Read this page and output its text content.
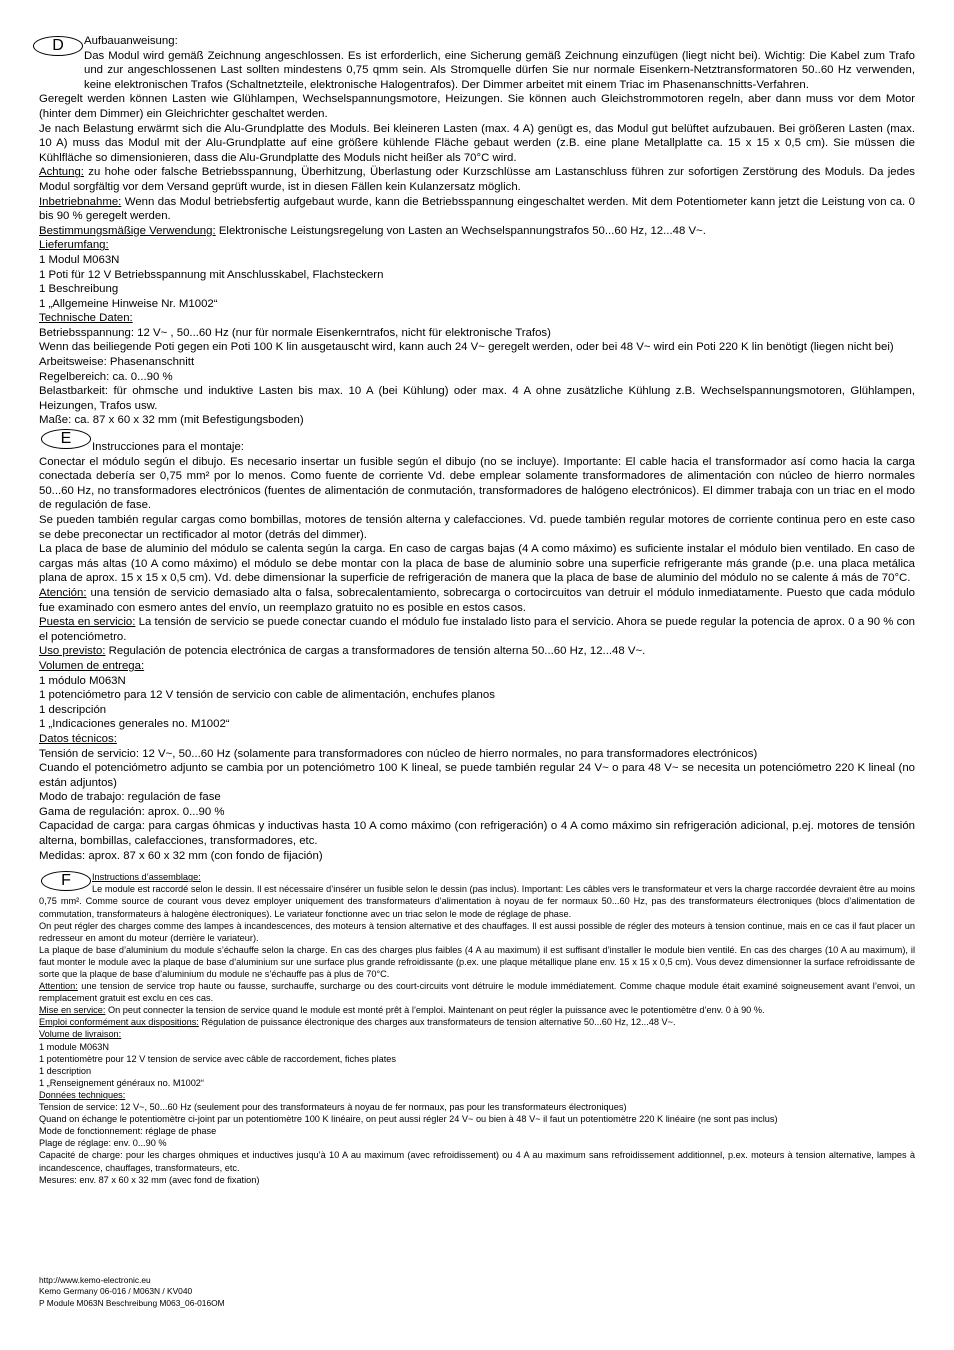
D	Aufbauanweisung:

Das Modul wird gemäß Zeichnung angeschlossen. Es ist erforderlich, eine Sicherung gemäß Zeichnung einzufügen (liegt nicht bei). Wichtig: Die Kabel zum Trafo und zur angeschlossenen Last sollten mindestens 0,75 qmm sein. Als Stromquelle dürfen Sie nur normale Eisenkern-Netztransformatoren 50..60 Hz verwenden, keine elektronischen Trafos (Schaltnetzteile, elektronische Halogentrafos). Der Dimmer arbeitet mit einem Triac im Phasenanschnitts-Verfahren.

Geregelt werden können Lasten wie Glühlampen, Wechselspannungsmotore, Heizungen. Sie können auch Gleichstrommotoren regeln, aber dann muss vor dem Motor (hinter dem Dimmer) ein Gleichrichter geschaltet werden.

Je nach Belastung erwärmt sich die Alu-Grundplatte des Moduls. Bei kleineren Lasten (max. 4 A) genügt es, das Modul gut belüftet aufzubauen. Bei größeren Lasten (max. 10 A) muss das Modul mit der Alu-Grundplatte auf eine größere kühlende Fläche gebaut werden (z.B. eine plane Metallplatte ca. 15 x 15 x 0,5 cm). Sie müssen die Kühlfläche so dimensionieren, dass die Alu-Grundplatte des Moduls nicht heißer als 70°C wird.

Achtung: zu hohe oder falsche Betriebsspannung, Überhitzung, Überlastung oder Kurzschlüsse am Lastanschluss führen zur sofortigen Zerstörung des Moduls. Da jedes Modul sorgfältig vor dem Versand geprüft wurde, ist in diesen Fällen kein Kulanzersatz möglich.

Inbetriebnahme: Wenn das Modul betriebsfertig aufgebaut wurde, kann die Betriebsspannung eingeschaltet werden. Mit dem Potentiometer kann jetzt die Leistung von ca. 0 bis 90 % geregelt werden.

Bestimmungsmäßige Verwendung: Elektronische Leistungsregelung von Lasten an Wechselspannungstrafos 50...60 Hz, 12...48 V~.

Lieferumfang:

1 Modul M063N

1 Poti für 12 V Betriebsspannung mit Anschlusskabel, Flachsteckern

1 Beschreibung

1 „Allgemeine Hinweise Nr. M1002“

Technische Daten:

Betriebsspannung: 12 V~ , 50...60 Hz (nur für normale Eisenkerntrafos, nicht für elektronische Trafos)

Wenn das beiliegende Poti gegen ein Poti 100 K lin ausgetauscht wird, kann auch 24 V~ geregelt werden, oder bei 48 V~ wird ein Poti 220 K lin benötigt (liegen nicht bei)

Arbeitsweise: Phasenanschnitt

Regelbereich: ca. 0...90 %

Belastbarkeit: für ohmsche und induktive Lasten bis max. 10 A (bei Kühlung) oder max. 4 A ohne zusätzliche Kühlung z.B. Wechselspannungsmotoren, Glühlampen, Heizungen, Trafos usw.

Maße: ca. 87 x 60 x 32 mm (mit Befestigungsboden)

E	Instrucciones para el montaje:

Conectar el módulo según el dibujo. Es necesario insertar un fusible según el dibujo (no se incluye). Importante: El cable hacia el transformador así como hacia la carga conectada debería ser 0,75 mm² por lo menos. Como fuente de corriente Vd. debe emplear solamente transformadores de alimentación con núcleo de hierro normales 50...60 Hz, no transformadores electrónicos (fuentes de alimentación de conmutación, transformadores de halógeno electrónicos). El dimmer trabaja con un triac en el modo de regulación de fase.

Se pueden también regular cargas como bombillas, motores de tensión alterna y calefacciones. Vd. puede también regular motores de corriente continua pero en este caso se debe preconectar un rectificador al motor (detrás del dimmer).

La placa de base de aluminio del módulo se calenta según la carga. En caso de cargas bajas (4 A como máximo) es suficiente instalar el módulo bien ventilado. En caso de cargas más altas (10 A como máximo) el módulo se debe montar con la placa de base de aluminio sobre una superficie refrigerante más grande (p.e. una placa metálica plana de aprox. 15 x 15 x 0,5 cm). Vd. debe dimensionar la superficie de refrigeración de manera que la placa de base de aluminio del módulo no se calente á más de 70°C.

Atención: una tensión de servicio demasiado alta o falsa, sobrecalentamiento, sobrecarga o cortocircuitos van detruir el módulo inmediatamente. Puesto que cada módulo fue examinado con esmero antes del envío, un reemplazo gratuito no es posible en estos casos.

Puesta en servicio: La tensión de servicio se puede conectar cuando el módulo fue instalado listo para el servicio. Ahora se puede regular la potencia de aprox. 0 a 90 % con el potenciómetro.

Uso previsto: Regulación de potencia electrónica de cargas a transformadores de tensión alterna 50...60 Hz, 12...48 V~.

Volumen de entrega:

1 módulo M063N

1 potenciómetro para 12 V tensión de servicio con cable de alimentación, enchufes planos

1 descripción

1 „Indicaciones generales no. M1002“

Datos técnicos:

Tensión de servicio: 12 V~, 50...60 Hz (solamente para transformadores con núcleo de hierro normales, no para transformadores electrónicos)

Cuando el potenciómetro adjunto se cambia por un potenciómetro 100 K lineal, se puede también regular 24 V~ o para 48 V~ se necesita un potenciómetro 220 K lineal (no están adjuntos)

Modo de trabajo: regulación de fase

Gama de regulación: aprox. 0...90 %

Capacidad de carga: para cargas óhmicas y inductivas hasta 10 A como máximo (con refrigeración) o 4 A como máximo sin refrigeración adicional, p.ej. motores de tensión alterna, bombillas, calefacciones, transformadores, etc.

Medidas: aprox. 87 x 60 x 32 mm (con fondo de fijación)

F	Instructions d’assemblage:

Le module est raccordé selon le dessin. Il est nécessaire d’insérer un fusible selon le dessin (pas inclus). Important: Les câbles vers le transformateur et vers la charge raccordée devraient être au moins 0,75 mm². Comme source de courant vous devez employer uniquement des transformateurs d’alimentation à noyau de fer normaux 50...60 Hz, pas des transformateurs électroniques (blocs d’alimentation de commutation, transformateurs à halogène électroniques). Le variateur fonctionne avec un triac selon le mode de réglage de phase.

On peut régler des charges comme des lampes à incandescences, des moteurs à tension alternative et des chauffages. Il est aussi possible de régler des moteurs à tension continue, mais en ce cas il faut placer un redresseur en amont du moteur (derrière le variateur).

La plaque de base d’aluminium du module s’échauffe selon la charge. En cas des charges plus faibles (4 A au maximum) il est suffisant d’installer le module bien ventilé. En cas des charges (10 A au maximum), il faut monter le module avec la plaque de base d’aluminium sur une surface plus grande refroidissante (p.ex. une plaque métallique plane env. 15 x 15 x 0,5 cm). Vous devez dimensionner la surface refroidissante de sorte que la plaque de base d’aluminium du module ne s’échauffe pas à plus de 70°C.

Attention: une tension de service trop haute ou fausse, surchauffe, surcharge ou des court-circuits vont détruire le module immédiatement. Comme chaque module était examiné soigneusement avant l’envoi, un remplacement gratuit est exclu en ces cas.

Mise en service: On peut connecter la tension de service quand le module est monté prêt à l’emploi. Maintenant on peut régler la puissance avec le potentiomètre d’env. 0 à 90 %.

Emploi conformément aux dispositions: Régulation de puissance électronique des charges aux transformateurs de tension alternative 50...60 Hz, 12...48 V~.

Volume de livraison:

1 module M063N

1 potentiomètre pour 12 V tension de service avec câble de raccordement, fiches plates

1 description

1 „Renseignement généraux no. M1002“

Données techniques:

Tension de service: 12 V~, 50...60 Hz (seulement pour des transformateurs à noyau de fer normaux, pas pour les transformateurs électroniques)

Quand on échange le potentiomètre ci-joint par un potentiomètre 100 K linéaire, on peut aussi régler 24 V~ ou bien à 48 V~ il faut un potentiomètre 220 K linéaire (ne sont pas inclus)

Mode de fonctionnement: réglage de phase

Plage de réglage: env. 0...90 %

Capacité de charge: pour les charges ohmiques et inductives jusqu’à 10 A au maximum (avec refroidissement) ou 4 A au maximum sans refroidissement additionnel, p.ex. moteurs à tension alternative, lampes à incandescence, chauffages, transformateurs, etc.

Mesures: env. 87 x 60 x 32 mm (avec fond de fixation)

http://www.kemo-electronic.eu
Kemo Germany 06-016 / M063N / KV040
P Module M063N Beschreibung M063_06-016OM
